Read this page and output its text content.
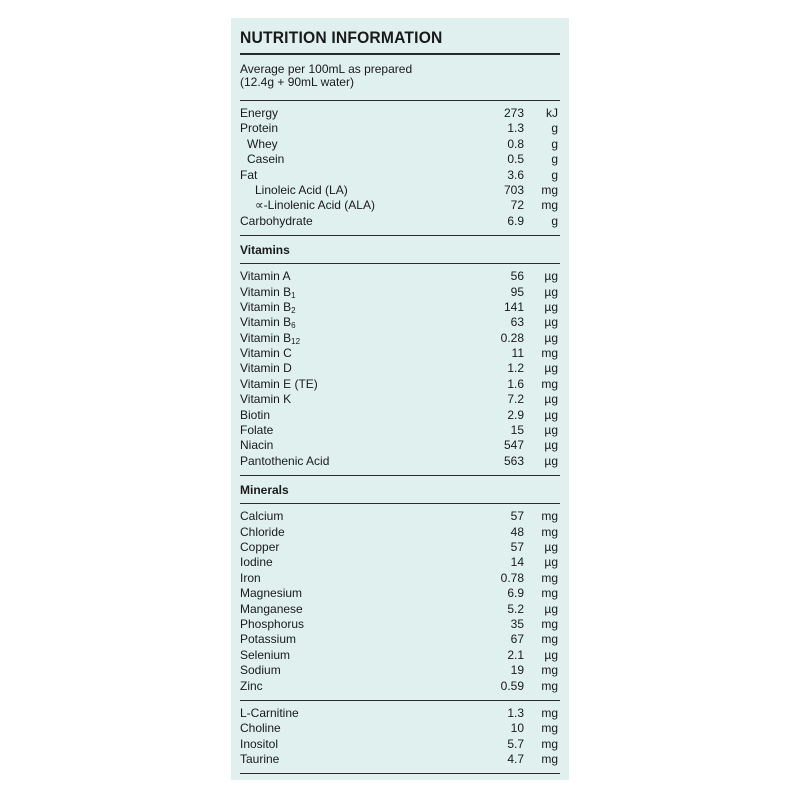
NUTRITION INFORMATION
Average per 100mL as prepared
(12.4g + 90mL water)
Energy	273	kJ
Protein	1.3	g
Whey	0.8	g
Casein	0.5	g
Fat	3.6	g
Linoleic Acid (LA)	703	mg
∝-Linolenic Acid (ALA)	72	mg
Carbohydrate	6.9	g
Vitamins
Vitamin A	56	µg
Vitamin $B_1$	95	µg
Vitamin $B_2$	141	µg
Vitamin $B_6$	63	µg
Vitamin $B_{12}$	0.28	µg
Vitamin C	11	mg
Vitamin D	1.2	µg
Vitamin E (TE)	1.6	mg
Vitamin K	7.2	µg
Biotin	2.9	µg
Folate	15	µg
Niacin	547	µg
Pantothenic Acid	563	µg
Minerals
Calcium	57	mg
Chloride	48	mg
Copper	57	µg
Iodine	14	µg
Iron	0.78	mg
Magnesium	6.9	mg
Manganese	5.2	µg
Phosphorus	35	mg
Potassium	67	mg
Selenium	2.1	µg
Sodium	19	mg
Zinc	0.59	mg
L-Carnitine	1.3	mg
Choline	10	mg
Inositol	5.7	mg
Taurine	4.7	mg
